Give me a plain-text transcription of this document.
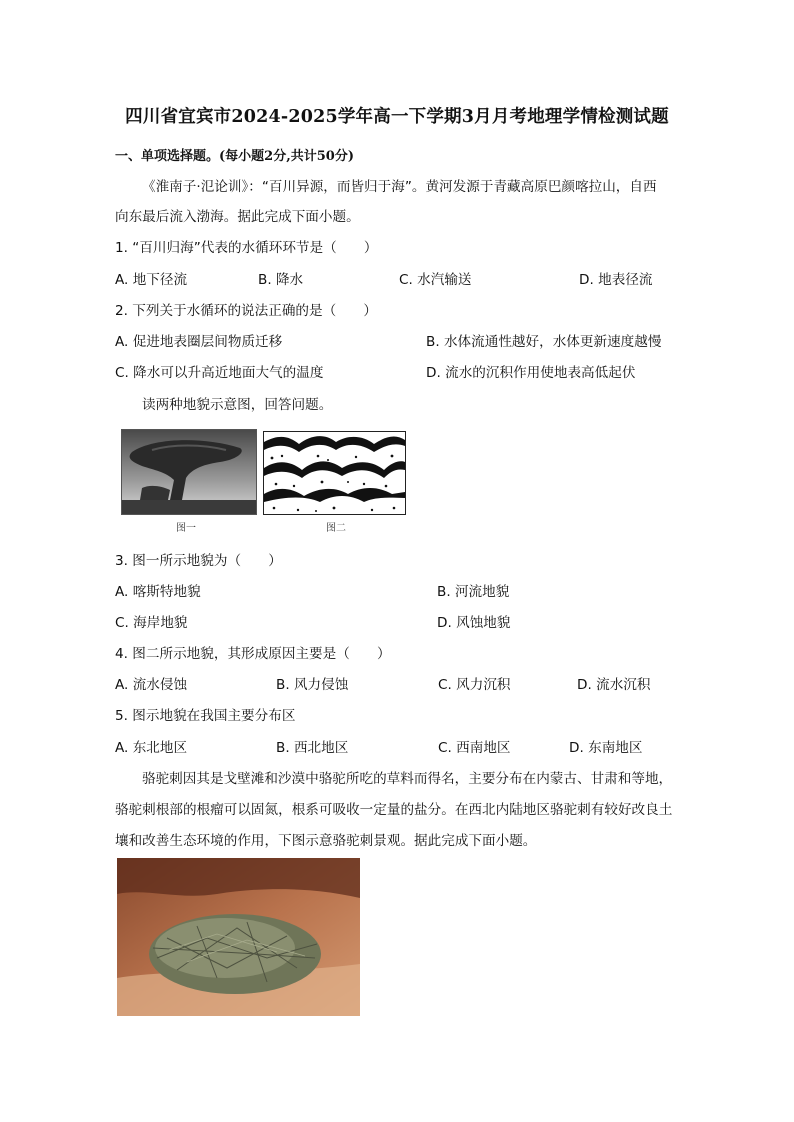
四川省宜宾市2024-2025学年高一下学期3月月考地理学情检测试题
一、单项选择题。(每小题2分,共计50分)
《淮南子·氾论训》：“百川异源，而皆归于海”。黄河发源于青藏高原巴颜喀拉山，自西
向东最后流入渤海。据此完成下面小题。
1. “百川归海”代表的水循环环节是（　　）
A. 地下径流	B. 降水	C. 水汽输送	D. 地表径流
2. 下列关于水循环的说法正确的是（　　）
A. 促进地表圈层间物质迁移	B. 水体流通性越好，水体更新速度越慢
C. 降水可以升高近地面大气的温度	D. 流水的沉积作用使地表高低起伏
读两种地貌示意图，回答问题。
图一	图二
3. 图一所示地貌为（　　）
A. 喀斯特地貌	B. 河流地貌
C. 海岸地貌	D. 风蚀地貌
4. 图二所示地貌，其形成原因主要是（　　）
A. 流水侵蚀	B. 风力侵蚀	C. 风力沉积	D. 流水沉积
5. 图示地貌在我国主要分布区
A. 东北地区	B. 西北地区	C. 西南地区	D. 东南地区
骆驼刺因其是戈壁滩和沙漠中骆驼所吃的草料而得名，主要分布在内蒙古、甘肃和等地，
骆驼刺根部的根瘤可以固氮，根系可吸收一定量的盐分。在西北内陆地区骆驼刺有较好改良土
壤和改善生态环境的作用，下图示意骆驼刺景观。据此完成下面小题。
